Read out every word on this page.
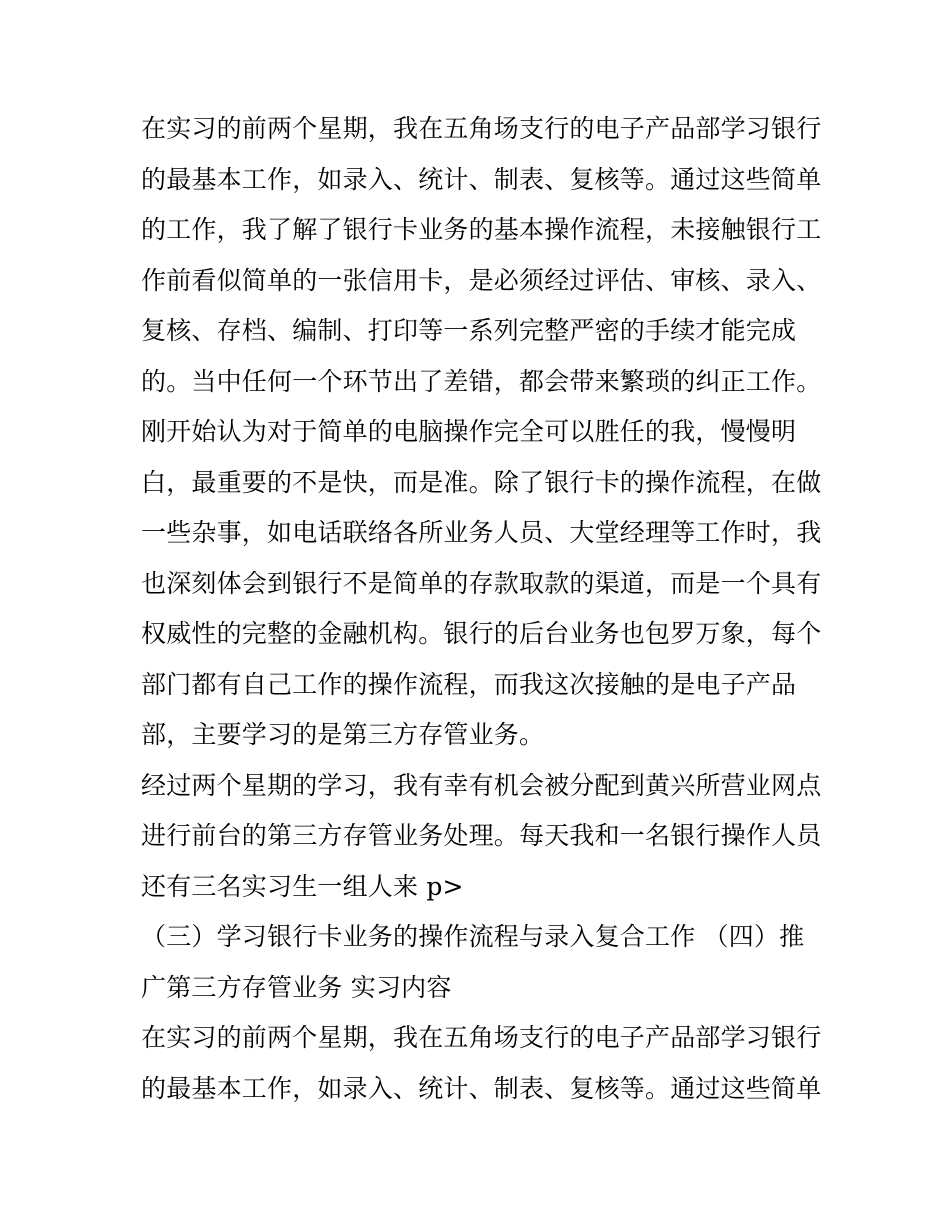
在实习的前两个星期，我在五角场支行的电子产品部学习银行
的最基本工作，如录入、统计、制表、复核等。通过这些简单
的工作，我了解了银行卡业务的基本操作流程，未接触银行工
作前看似简单的一张信用卡，是必须经过评估、审核、录入、
复核、存档、编制、打印等一系列完整严密的手续才能完成
的。当中任何一个环节出了差错，都会带来繁琐的纠正工作。
刚开始认为对于简单的电脑操作完全可以胜任的我，慢慢明
白，最重要的不是快，而是准。除了银行卡的操作流程，在做
一些杂事，如电话联络各所业务人员、大堂经理等工作时，我
也深刻体会到银行不是简单的存款取款的渠道，而是一个具有
权威性的完整的金融机构。银行的后台业务也包罗万象，每个
部门都有自己工作的操作流程，而我这次接触的是电子产品
部，主要学习的是第三方存管业务。
经过两个星期的学习，我有幸有机会被分配到黄兴所营业网点
进行前台的第三方存管业务处理。每天我和一名银行操作人员
还有三名实习生一组人来 p>
（三）学习银行卡业务的操作流程与录入复合工作 （四）推
广第三方存管业务 实习内容
在实习的前两个星期，我在五角场支行的电子产品部学习银行
的最基本工作，如录入、统计、制表、复核等。通过这些简单
